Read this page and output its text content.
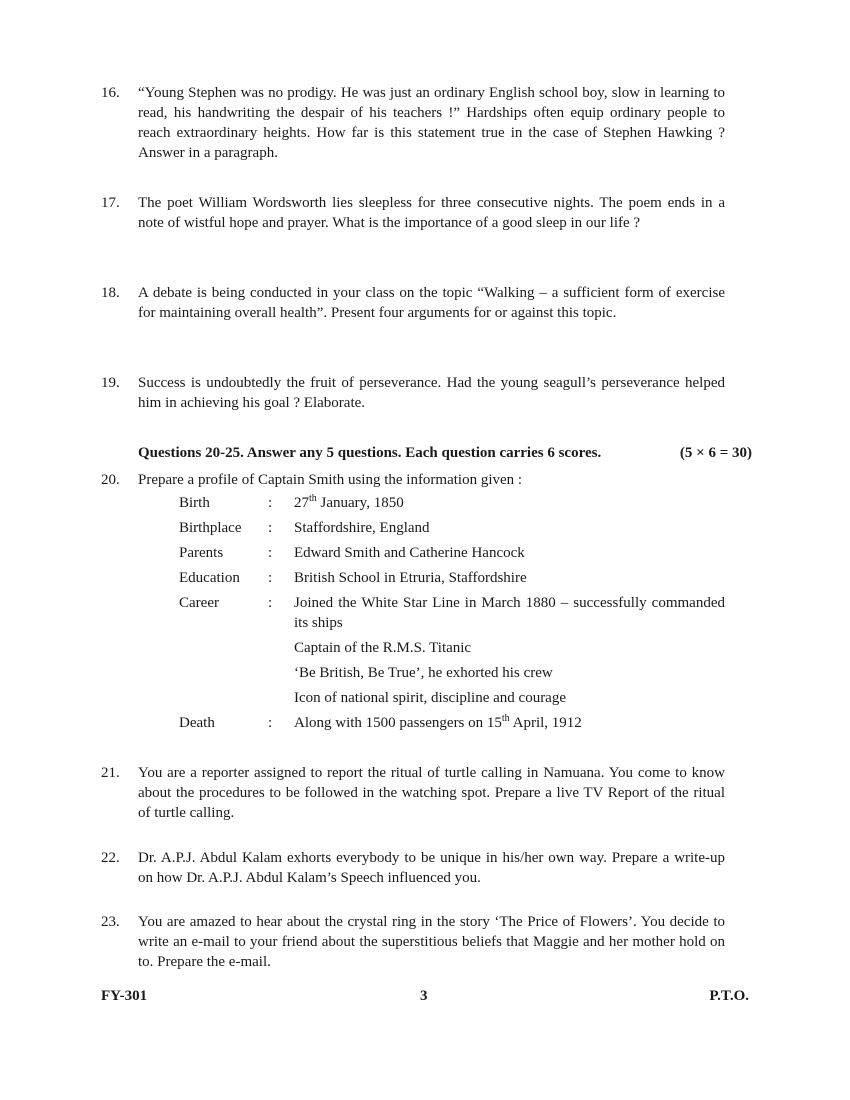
16.	“Young Stephen was no prodigy. He was just an ordinary English school boy, slow in learning to read, his handwriting the despair of his teachers !” Hardships often equip ordinary people to reach extraordinary heights. How far is this statement true in the case of Stephen Hawking ? Answer in a paragraph.
17.	The poet William Wordsworth lies sleepless for three consecutive nights. The poem ends in a note of wistful hope and prayer. What is the importance of a good sleep in our life ?
18.	A debate is being conducted in your class on the topic “Walking – a sufficient form of exercise for maintaining overall health”. Present four arguments for or against this topic.
19.	Success is undoubtedly the fruit of perseverance. Had the young seagull’s perseverance helped him in achieving his goal ? Elaborate.
Questions 20-25. Answer any 5 questions. Each question carries 6 scores.	(5 × 6 = 30)
20.	Prepare a profile of Captain Smith using the information given :
Birth	:	27th January, 1850
Birthplace	:	Staffordshire, England
Parents	:	Edward Smith and Catherine Hancock
Education	:	British School in Etruria, Staffordshire
Career	:	Joined the White Star Line in March 1880 – successfully commanded its ships
Captain of the R.M.S. Titanic
‘Be British, Be True’, he exhorted his crew
Icon of national spirit, discipline and courage
Death	:	Along with 1500 passengers on 15th April, 1912
21.	You are a reporter assigned to report the ritual of turtle calling in Namuana. You come to know about the procedures to be followed in the watching spot. Prepare a live TV Report of the ritual of turtle calling.
22.	Dr. A.P.J. Abdul Kalam exhorts everybody to be unique in his/her own way. Prepare a write-up on how Dr. A.P.J. Abdul Kalam’s Speech influenced you.
23.	You are amazed to hear about the crystal ring in the story ‘The Price of Flowers’. You decide to write an e-mail to your friend about the superstitious beliefs that Maggie and her mother hold on to. Prepare the e-mail.
FY-301	3	P.T.O.
